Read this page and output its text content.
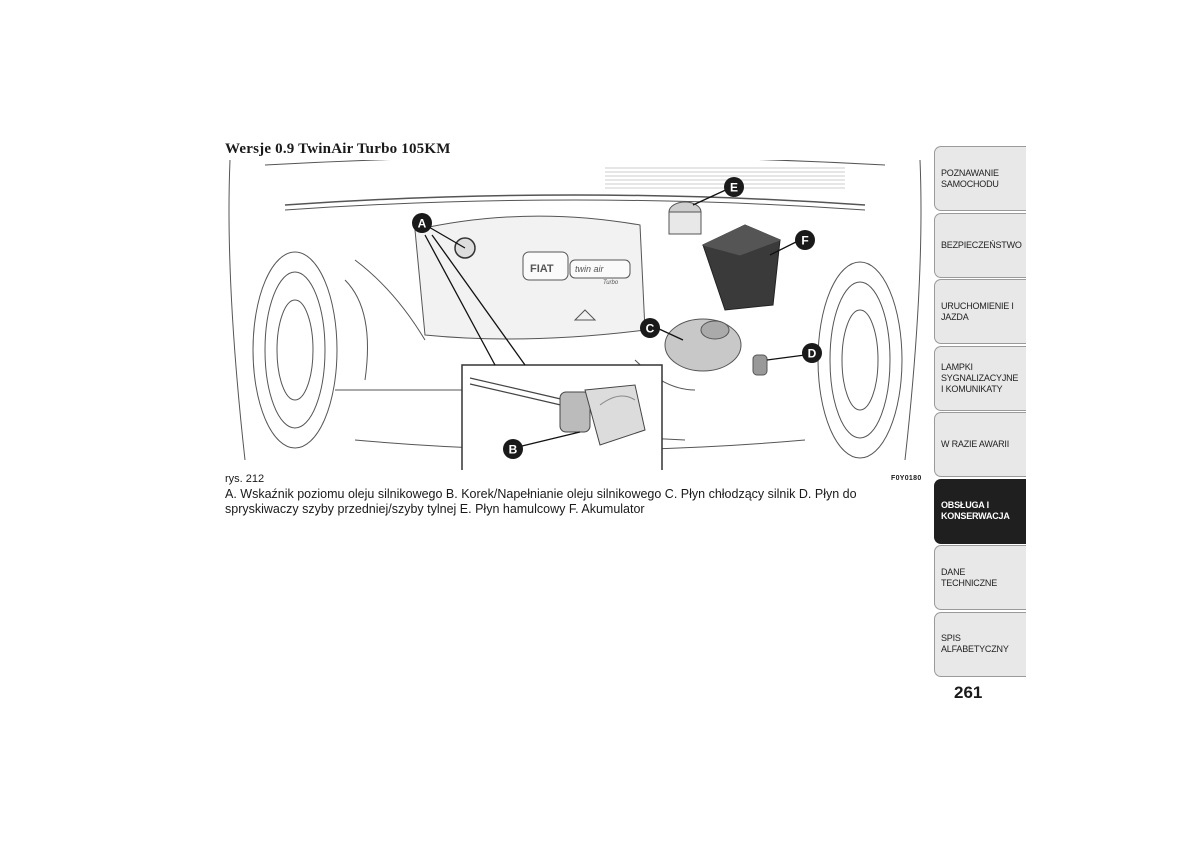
Wersje 0.9 TwinAir Turbo 105KM
FIAT twin air
Turbo
A
B
C
D
E
F
rys. 212	F0Y0180
A. Wskaźnik poziomu oleju silnikowego B. Korek/Napełnianie oleju silnikowego C. Płyn chłodzący silnik D. Płyn do spryskiwaczy szyby przedniej/szyby tylnej E. Płyn hamulcowy F. Akumulator
POZNAWANIE SAMOCHODU
BEZPIECZEŃSTWO
URUCHOMIENIE I JAZDA
LAMPKI SYGNALIZACYJNE I KOMUNIKATY
W RAZIE AWARII
OBSŁUGA I KONSERWACJA
DANE TECHNICZNE
SPIS ALFABETYCZNY
261
